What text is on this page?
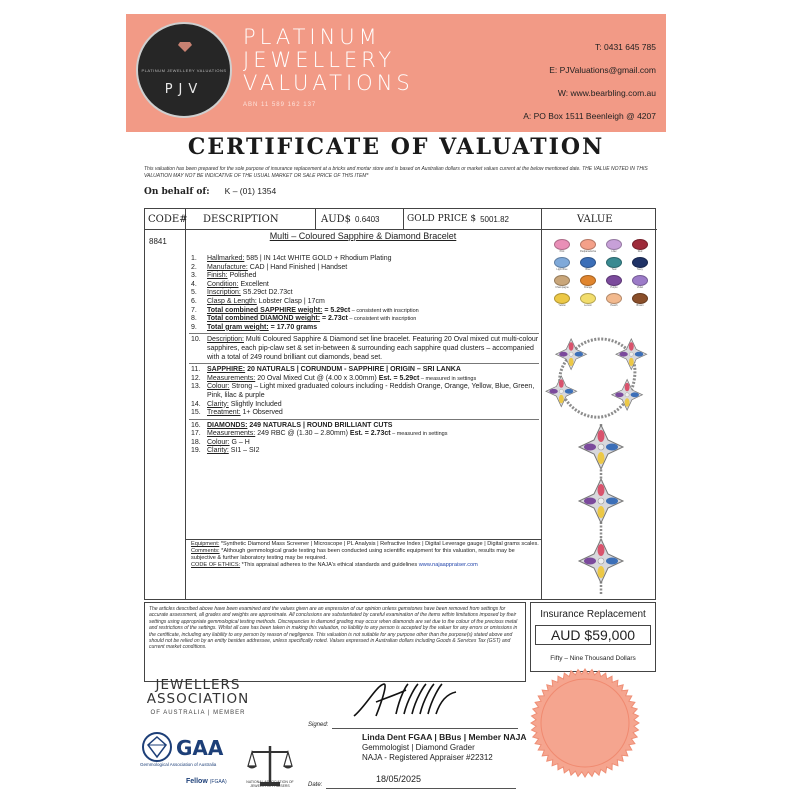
PLATINUM JEWELLERY VALUATIONS
PJV
PLATINUM
JEWELLERY
VALUATIONS
ABN 11 589 162 137
T: 0431 645 785
E: PJValuations@gmail.com
W: www.bearbling.com.au
A: PO Box 1511 Beenleigh @ 4207
CERTIFICATE OF VALUATION
This valuation has been prepared for the sole purpose of insurance replacement at a bricks and mortar store and is based on Australian dollars or market values current at the below mentioned date. THE VALUE NOTED IN THIS VALUATION MAY NOT BE INDICATIVE OF THE USUAL MARKET OR SALE PRICE OF THIS ITEM*
On behalf of: K – (01) 1354
CODE# DESCRIPTION	AUD$ 0.6403	GOLD PRICE $ 5001.82	VALUE
8841
Multi – Coloured Sapphire & Diamond Bracelet
1.	Hallmarked: 585 | IN 14ct WHITE GOLD + Rhodium Plating
2.	Manufacture: CAD | Hand Finished | Handset
3.	Finish: Polished
4.	Condition: Excellent
5.	Inscription: S5.29ct D2.73ct
6.	Clasp & Length: Lobster Clasp | 17cm
7.	Total combined SAPPHIRE weight: = 5.29ct – consistent with inscription
8.	Total combined DIAMOND weight: = 2.73ct – consistent with inscription
9.	Total gram weight: = 17.70 grams
10. Description: Multi Coloured Sapphire & Diamond set line bracelet. Featuring 20 Oval mixed cut multi-colour sapphires, each pip-claw set & set in-between & surrounding each sapphire quad clusters – accompanied with a total of 249 round brilliant cut diamonds, bead set.
11. SAPPHIRE: 20 NATURALS | CORUNDUM - SAPPHIRE | ORIGIN – SRI LANKA
12. Measurements: 20 Oval Mixed Cut @ (4.00 x 3.00mm) Est. = 5.29ct – measured in settings
13. Colour: Strong – Light mixed graduated colours including - Reddish Orange, Orange, Yellow, Blue, Green, Pink, lilac & purple
14. Clarity: Slightly Included
15. Treatment: 1+ Observed
16. DIAMONDS: 249 NATURALS | ROUND BRILLIANT CUTS
17. Measurements: 249 RBC @ (1.30 – 2.80mm) Est. = 2.73ct – measured in settings
18. Colour: G – H
19. Clarity: SI1 – SI2
Equipment: *Synthetic Diamond Mass Screener | Microscope | PL Analysis | Refractive Index | Digital Leverage gauge | Digital grams scales.
Comments: *Although gemmological grade testing has been conducted using scientific equipment for this valuation, results may be subjective & further laboratory testing may be required.
CODE OF ETHICS: *This appraisal adheres to the NAJA's ethical standards and guidelines www.najaappraiser.com
Pink	Padparadscha	Lilac	Red
Light Blue	Blue	Teal	Navy
Champagne	Orange	Purple	Violet
Yellow	Lemon	Peach	Brown
The articles described above have been examined and the values given are an expression of our opinion unless gemstones have been removed from settings for accurate assessment, all grades and weights are approximate. All conclusions are substantiated by careful examination of the items within limitations imposed by their settings using appropriate gemmological testing methods. Discrepancies in diamond grading may occur when diamonds are set due to the colour of the precious metal and restrictions of the settings. Whilst all care has been taken in making this valuation, no liability to any person is accepted by the valuer for any errors or omissions in the certificate, including any liability to any person by reason of negligence. This valuation is not suitable for any purpose other than the purpose(s) stated above and should not be relied on by an entity besides addressee, unless specifically noted. Values expressed in Australian dollars including Goods & Services Tax (GST) and current market conditions.
Insurance Replacement
AUD $59,000
Fifty – Nine Thousand Dollars
JEWELLERS
ASSOCIATION
OF AUSTRALIA | MEMBER
GAA
Gemmological Association of Australia
Fellow (FGAA)	NATIONAL ASSOCIATION OF JEWELRY APPRAISERS
Signed:
Linda Dent FGAA | BBus | Member NAJA
Gemmologist | Diamond Grader
NAJA - Registered Appraiser #22312
Date:
18/05/2025
